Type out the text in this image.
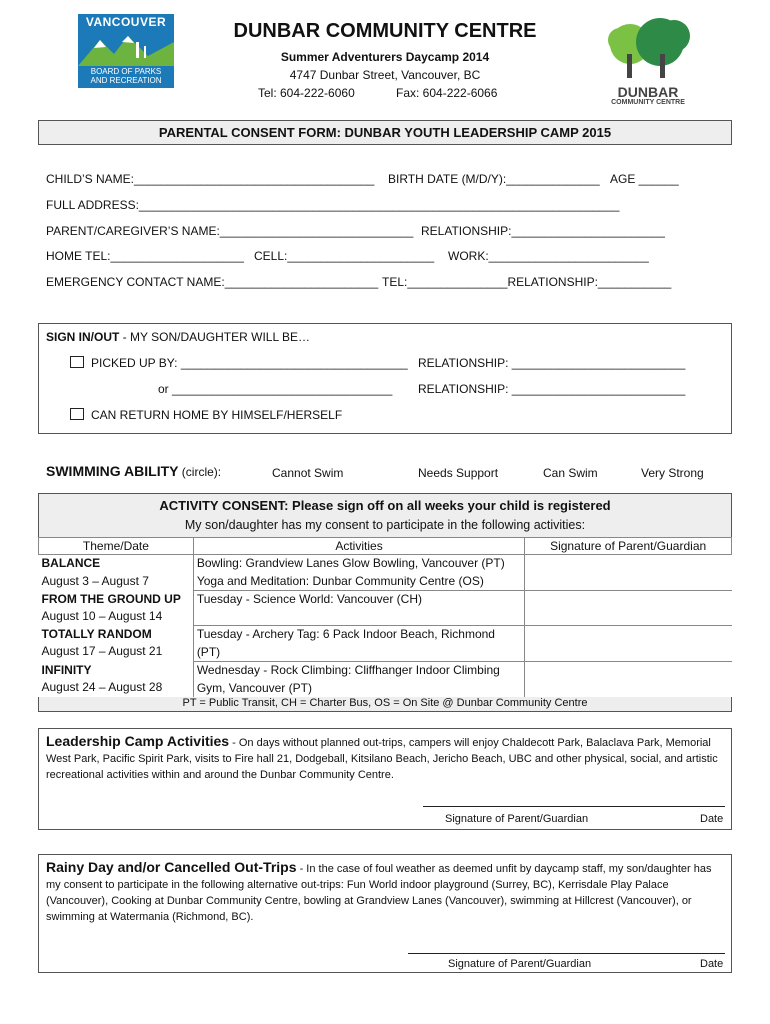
VANCOUVER
BOARD OF PARKS
AND RECREATION
DUNBAR COMMUNITY CENTRE
Summer Adventurers Daycamp 2014
4747 Dunbar Street, Vancouver, BC
Tel: 604-222-6060	Fax: 604-222-6066	DUNBAR
COMMUNITY CENTRE
PARENTAL CONSENT FORM: DUNBAR YOUTH LEADERSHIP CAMP 2015
CHILD’S NAME:____________________________________ BIRTH DATE (M/D/Y):______________ AGE ______
FULL ADDRESS:________________________________________________________________________
PARENT/CAREGIVER’S NAME:_____________________________ RELATIONSHIP:_______________________
HOME TEL:____________________ CELL:______________________ WORK:________________________
EMERGENCY CONTACT NAME:_______________________ TEL:_______________RELATIONSHIP:___________
SIGN IN/OUT - MY SON/DAUGHTER WILL BE…
PICKED UP BY: __________________________________ RELATIONSHIP: __________________________
or _________________________________ RELATIONSHIP: __________________________
CAN RETURN HOME BY HIMSELF/HERSELF
SWIMMING ABILITY (circle):	Cannot Swim	Needs Support	Can Swim	Very Strong
ACTIVITY CONSENT: Please sign off on all weeks your child is registered
My son/daughter has my consent to participate in the following activities:
Theme/Date	Activities	Signature of Parent/Guardian
BALANCE
August 3 – August 7	Bowling: Grandview Lanes Glow Bowling, Vancouver (PT)
Yoga and Meditation: Dunbar Community Centre (OS)	
FROM THE GROUND UP
August 10 – August 14	Tuesday - Science World: Vancouver (CH)

TOTALLY RANDOM
August 17 – August 21	Tuesday - Archery Tag: 6 Pack Indoor Beach, Richmond
(PT)	
INFINITY
August 24 – August 28	Wednesday - Rock Climbing: Cliffhanger Indoor Climbing
Gym, Vancouver (PT)	
PT = Public Transit, CH = Charter Bus, OS = On Site @ Dunbar Community Centre
Leadership Camp Activities - On days without planned out-trips, campers will enjoy Chaldecott Park, Balaclava Park, Memorial West Park, Pacific Spirit Park, visits to Fire hall 21, Dodgeball, Kitsilano Beach, Jericho Beach, UBC and other physical, social, and artistic recreational activities within and around the Dunbar Community Centre.
Signature of Parent/Guardian	Date
Rainy Day and/or Cancelled Out-Trips - In the case of foul weather as deemed unfit by daycamp staff, my son/daughter has my consent to participate in the following alternative out-trips: Fun World indoor playground (Surrey, BC), Kerrisdale Play Palace (Vancouver), Cooking at Dunbar Community Centre, bowling at Grandview Lanes (Vancouver), swimming at Hillcrest (Vancouver), or swimming at Watermania (Richmond, BC).
Signature of Parent/Guardian	Date
